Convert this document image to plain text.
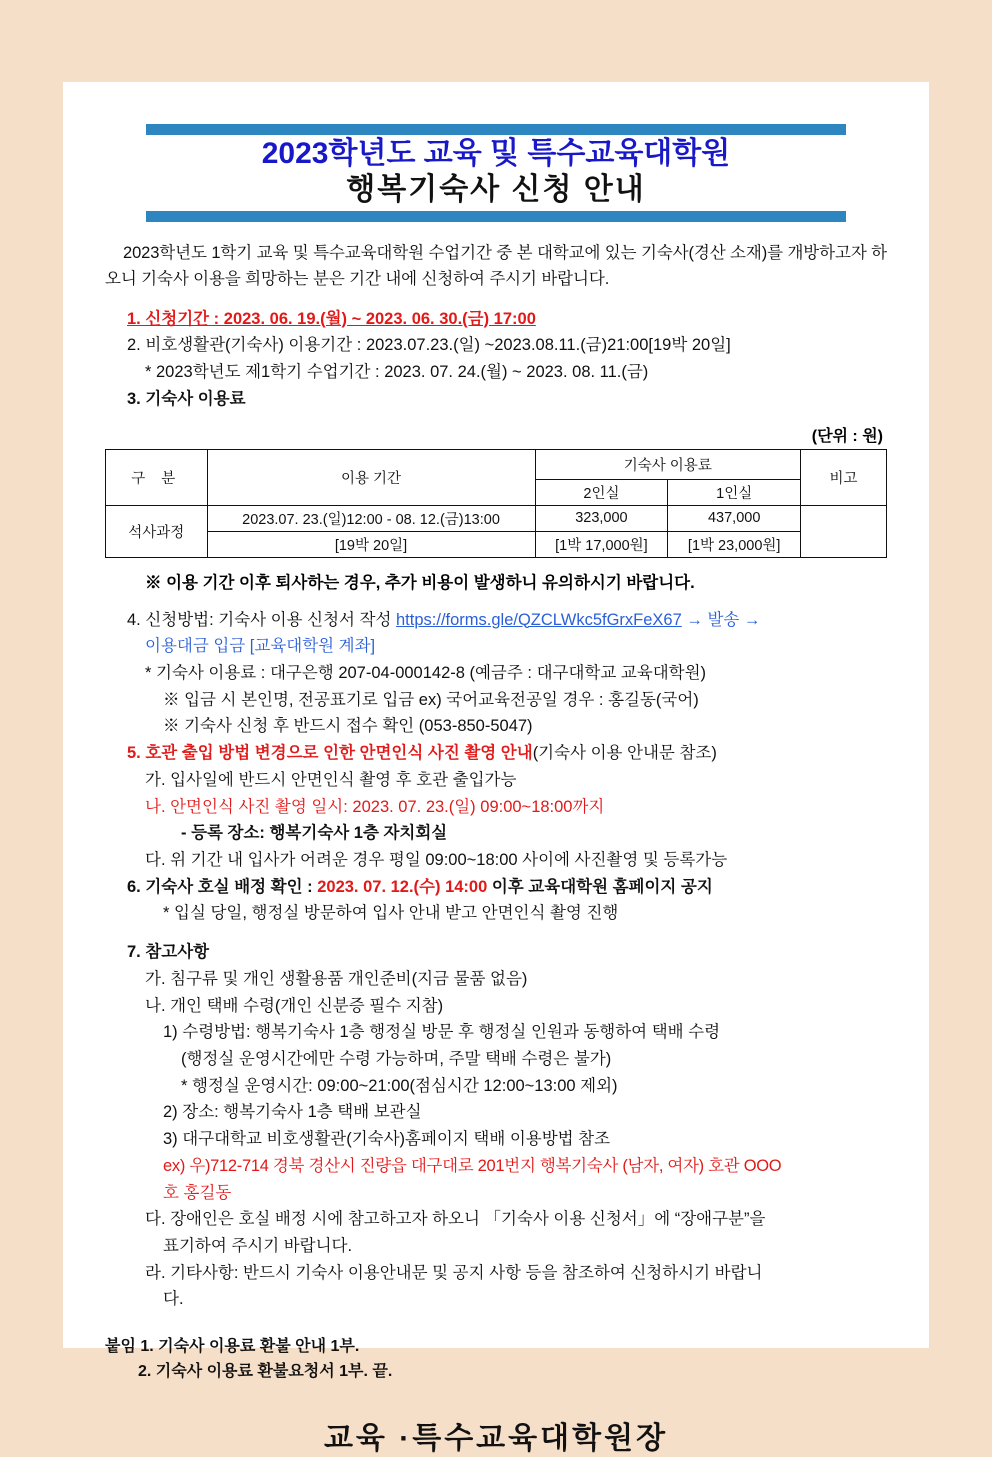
2023학년도 교육 및 특수교육대학원
행복기숙사 신청 안내
2023학년도 1학기 교육 및 특수교육대학원 수업기간 중 본 대학교에 있는 기숙사(경산 소재)를 개방하고자 하오니 기숙사 이용을 희망하는 분은 기간 내에 신청하여 주시기 바랍니다.
1. 신청기간 : 2023. 06. 19.(월) ~ 2023. 06. 30.(금) 17:00
2. 비호생활관(기숙사) 이용기간 : 2023.07.23.(일) ~2023.08.11.(금)21:00[19박 20일]
* 2023학년도 제1학기 수업기간 : 2023. 07. 24.(월) ~ 2023. 08. 11.(금)
3. 기숙사 이용료
(단위 : 원)
구 분	이용 기간	기숙사 이용료		비고
		2인실	1인실	
석사과정	2023.07. 23.(일)12:00 - 08. 12.(금)13:00	323,000	437,000	
	[19박 20일]	[1박 17,000원]	[1박 23,000원]	
※ 이용 기간 이후 퇴사하는 경우, 추가 비용이 발생하니 유의하시기 바랍니다.
4. 신청방법: 기숙사 이용 신청서 작성 https://forms.gle/QZCLWkc5fGrxFeX67 → 발송 →
이용대금 입금 [교육대학원 계좌]
* 기숙사 이용료 : 대구은행 207-04-000142-8 (예금주 : 대구대학교 교육대학원)
※ 입금 시 본인명, 전공표기로 입금 ex) 국어교육전공일 경우 : 홍길동(국어)
※ 기숙사 신청 후 반드시 접수 확인 (053-850-5047)
5. 호관 출입 방법 변경으로 인한 안면인식 사진 촬영 안내(기숙사 이용 안내문 참조)
가. 입사일에 반드시 안면인식 촬영 후 호관 출입가능
나. 안면인식 사진 촬영 일시: 2023. 07. 23.(일) 09:00~18:00까지
- 등록 장소: 행복기숙사 1층 자치회실
다. 위 기간 내 입사가 어려운 경우 평일 09:00~18:00 사이에 사진촬영 및 등록가능
6. 기숙사 호실 배정 확인 : 2023. 07. 12.(수) 14:00 이후 교육대학원 홈페이지 공지
* 입실 당일, 행정실 방문하여 입사 안내 받고 안면인식 촬영 진행
7. 참고사항
가. 침구류 및 개인 생활용품 개인준비(지금 물품 없음)
나. 개인 택배 수령(개인 신분증 필수 지참)
1) 수령방법: 행복기숙사 1층 행정실 방문 후 행정실 인원과 동행하여 택배 수령
(행정실 운영시간에만 수령 가능하며, 주말 택배 수령은 불가)
* 행정실 운영시간: 09:00~21:00(점심시간 12:00~13:00 제외)
2) 장소: 행복기숙사 1층 택배 보관실
3) 대구대학교 비호생활관(기숙사)홈페이지 택배 이용방법 참조
ex) 우)712-714 경북 경산시 진량읍 대구대로 201번지 행복기숙사 (남자, 여자) 호관 OOO
호 홍길동
다. 장애인은 호실 배정 시에 참고하고자 하오니 「기숙사 이용 신청서」에 “장애구분”을
표기하여 주시기 바랍니다.
라. 기타사항: 반드시 기숙사 이용안내문 및 공지 사항 등을 참조하여 신청하시기 바랍니
다.
붙임 1. 기숙사 이용료 환불 안내 1부.
2. 기숙사 이용료 환불요청서 1부. 끝.
교육 ·특수교육대학원장
